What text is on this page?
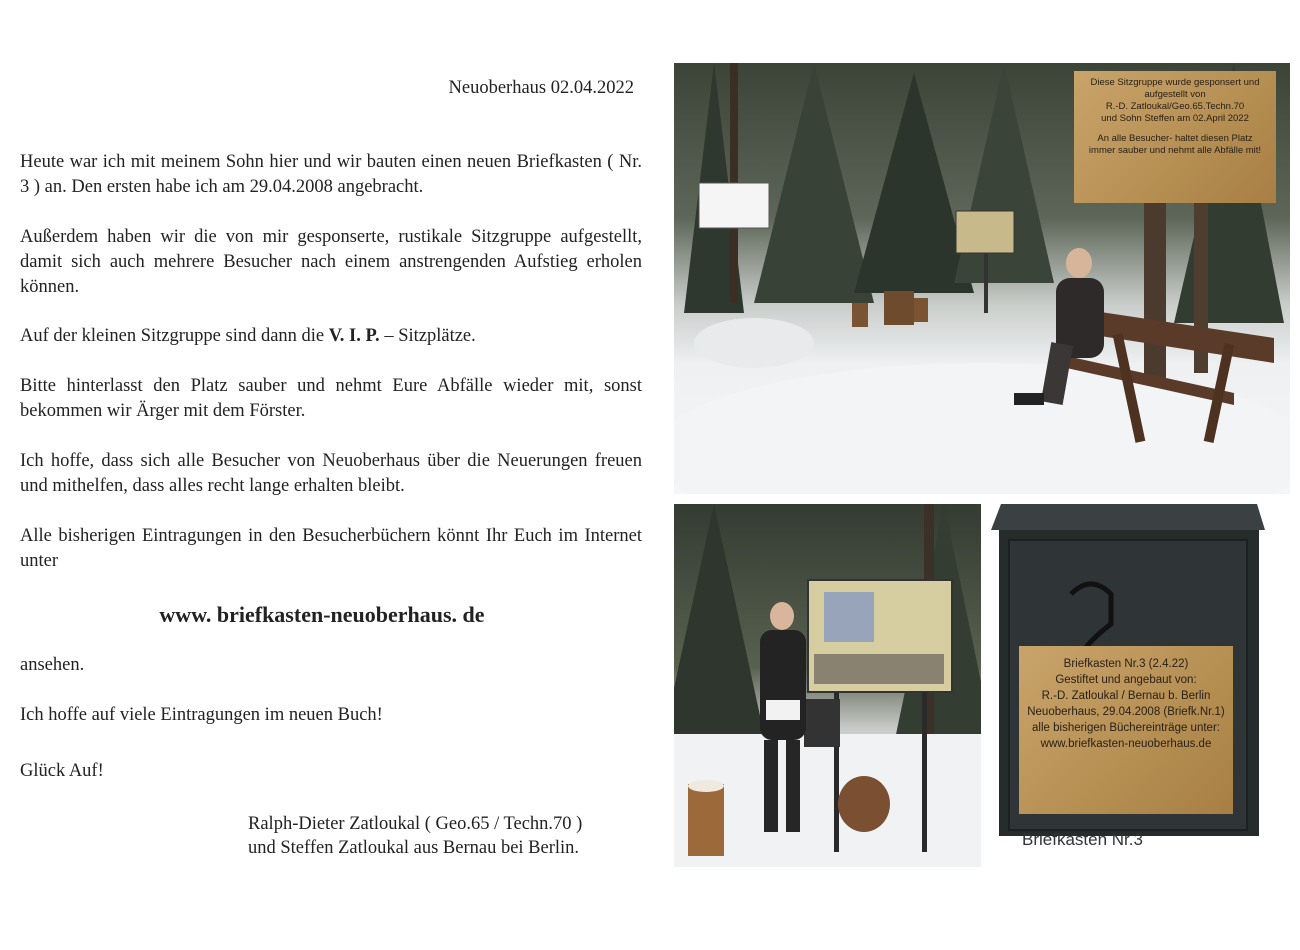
Neuoberhaus 02.04.2022

Heute war ich mit meinem Sohn hier und wir bauten einen neuen Briefkasten ( Nr. 3 ) an. Den ersten habe ich am 29.04.2008 angebracht.

Außerdem haben wir die von mir gesponserte, rustikale Sitzgruppe aufgestellt, damit sich auch mehrere Besucher nach einem anstrengenden Aufstieg erholen können.

Auf der kleinen Sitzgruppe sind dann die V. I. P. – Sitzplätze.

Bitte hinterlasst den Platz sauber und nehmt Eure Abfälle wieder mit, sonst bekommen wir Ärger mit dem Förster.

Ich hoffe, dass sich alle Besucher von Neuoberhaus über die Neuerungen freuen und mithelfen, dass alles recht lange erhalten bleibt.

Alle bisherigen Eintragungen in den Besucherbüchern könnt Ihr Euch im Internet unter

www. briefkasten-neuoberhaus. de

ansehen.

Ich hoffe auf viele Eintragungen im neuen Buch!

Glück Auf!

Ralph-Dieter Zatloukal ( Geo.65 / Techn.70 )
und Steffen Zatloukal aus Bernau bei Berlin.
Diese Sitzgruppe wurde gesponsert und
aufgestellt von
R.-D. Zatloukal/Geo.65.Techn.70
und Sohn Steffen am 02.April 2022
An alle Besucher- haltet diesen Platz
immer sauber und nehmt alle Abfälle mit!
Briefkasten Nr.3 (2.4.22)
Gestiftet und angebaut von:
R.-D. Zatloukal / Bernau b. Berlin
Neuoberhaus, 29.04.2008 (Briefk.Nr.1)
alle bisherigen Büchereinträge unter:
www.briefkasten-neuoberhaus.de
Briefkasten Nr.3
